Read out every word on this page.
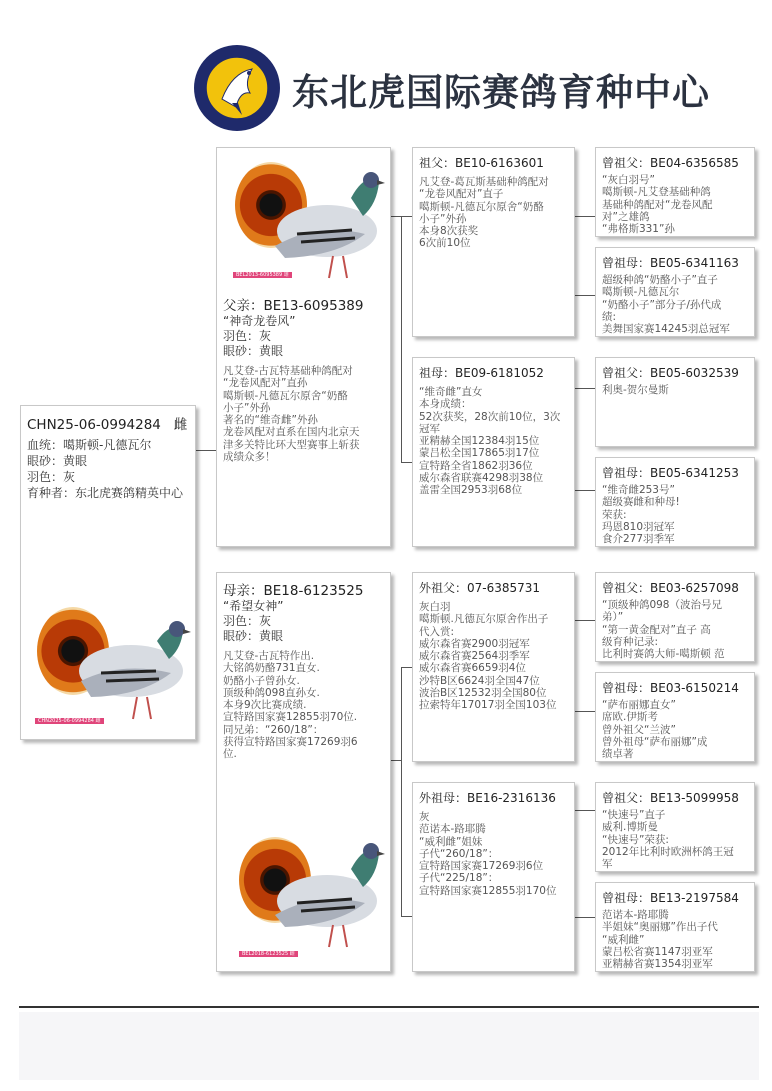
东北虎国际赛鸽育种中心
CHN25-06-0994284 雌
血统：噶斯顿-凡德瓦尔
眼砂：黄眼
羽色：灰
育种者：东北虎赛鸽精英中心
CHN2025-06-0994284 雌
BEL2013-6095389 雄
父亲：BE13-6095389
“神奇龙卷风”
羽色：灰
眼砂：黄眼
凡艾登-古瓦特基础种鸽配对
“龙卷风配对”直孙
噶斯顿-凡德瓦尔原舍“奶酪
小子”外孙
著名的“维奇雌”外孙
龙卷风配对直系在国内北京天
津多关特比环大型赛事上斩获
成绩众多！
母亲：BE18-6123525
“希望女神”
羽色：灰
眼砂：黄眼
凡艾登-古瓦特作出.
大铭鸽奶酪731直女.
奶酪小子曾孙女.
顶级种鸽098直孙女.
本身9次比赛成绩.
宣特路国家赛12855羽70位.
同兄弟：“260/18”：
获得宣特路国家赛17269羽6
位.
BEL2018-6123525 雌
祖父：BE10-6163601
凡艾登-葛瓦斯基础种鸽配对
“龙卷风配对”直子
噶斯顿-凡德瓦尔原舍“奶酪
小子”外孙
本身8次获奖
6次前10位
祖母：BE09-6181052
“维奇雌”直女
本身成绩：
52次获奖，28次前10位，3次
冠军
亚精赫全国12384羽15位
蒙吕松全国17865羽17位
宣特路全省1862羽36位
威尔森省联赛4298羽38位
盖雷全国2953羽68位
外祖父：07-6385731
灰白羽
噶斯顿.凡德瓦尔原舍作出子
代入赏:
威尔森省赛2900羽冠军
威尔森省赛2564羽季军
威尔森省赛6659羽4位
沙特B区6624羽全国47位
波治B区12532羽全国80位
拉索特年17017羽全国103位
外祖母：BE16-2316136
灰
范诺本-路耶腾
“威利雌”姐妹
子代“260/18”：
宣特路国家赛17269羽6位
子代“225/18”：
宣特路国家赛12855羽170位
曾祖父：BE04-6356585
“灰白羽号”
噶斯顿-凡艾登基础种鸽
基础种鸽配对“龙卷风配
对”之雄鸽
“弗格斯331”孙
曾祖母：BE05-6341163
超级种鸽“奶酪小子”直子
噶斯顿-凡德瓦尔
“奶酪小子”部分子/孙代成
绩:
美舞国家赛14245羽总冠军
曾祖父：BE05-6032539
利奥-贺尔曼斯
曾祖母：BE05-6341253
“维奇雌253号”
超级赛雌和种母!
荣获:
玛恩810羽冠军
食介277羽季军
曾祖父：BE03-6257098
“顶级种鸽098（波治号兄
弟）”
“第一黄金配对”直子 高
级育种记录:
比利时赛鸽大师-噶斯顿 范
曾祖母：BE03-6150214
“萨布丽娜直女”
席欧.伊斯考
曾外祖父“兰波”
曾外祖母“萨布丽娜”成
绩卓著
曾祖父：BE13-5099958
“快速号”直子
威利.博斯曼
“快速号”荣获:
2012年比利时欧洲杯鸽王冠
军
曾祖母：BE13-2197584
范诺本-路耶腾
半姐妹“奥丽娜”作出子代
“威利雌”
蒙吕松省赛1147羽亚军
亚精赫省赛1354羽亚军
